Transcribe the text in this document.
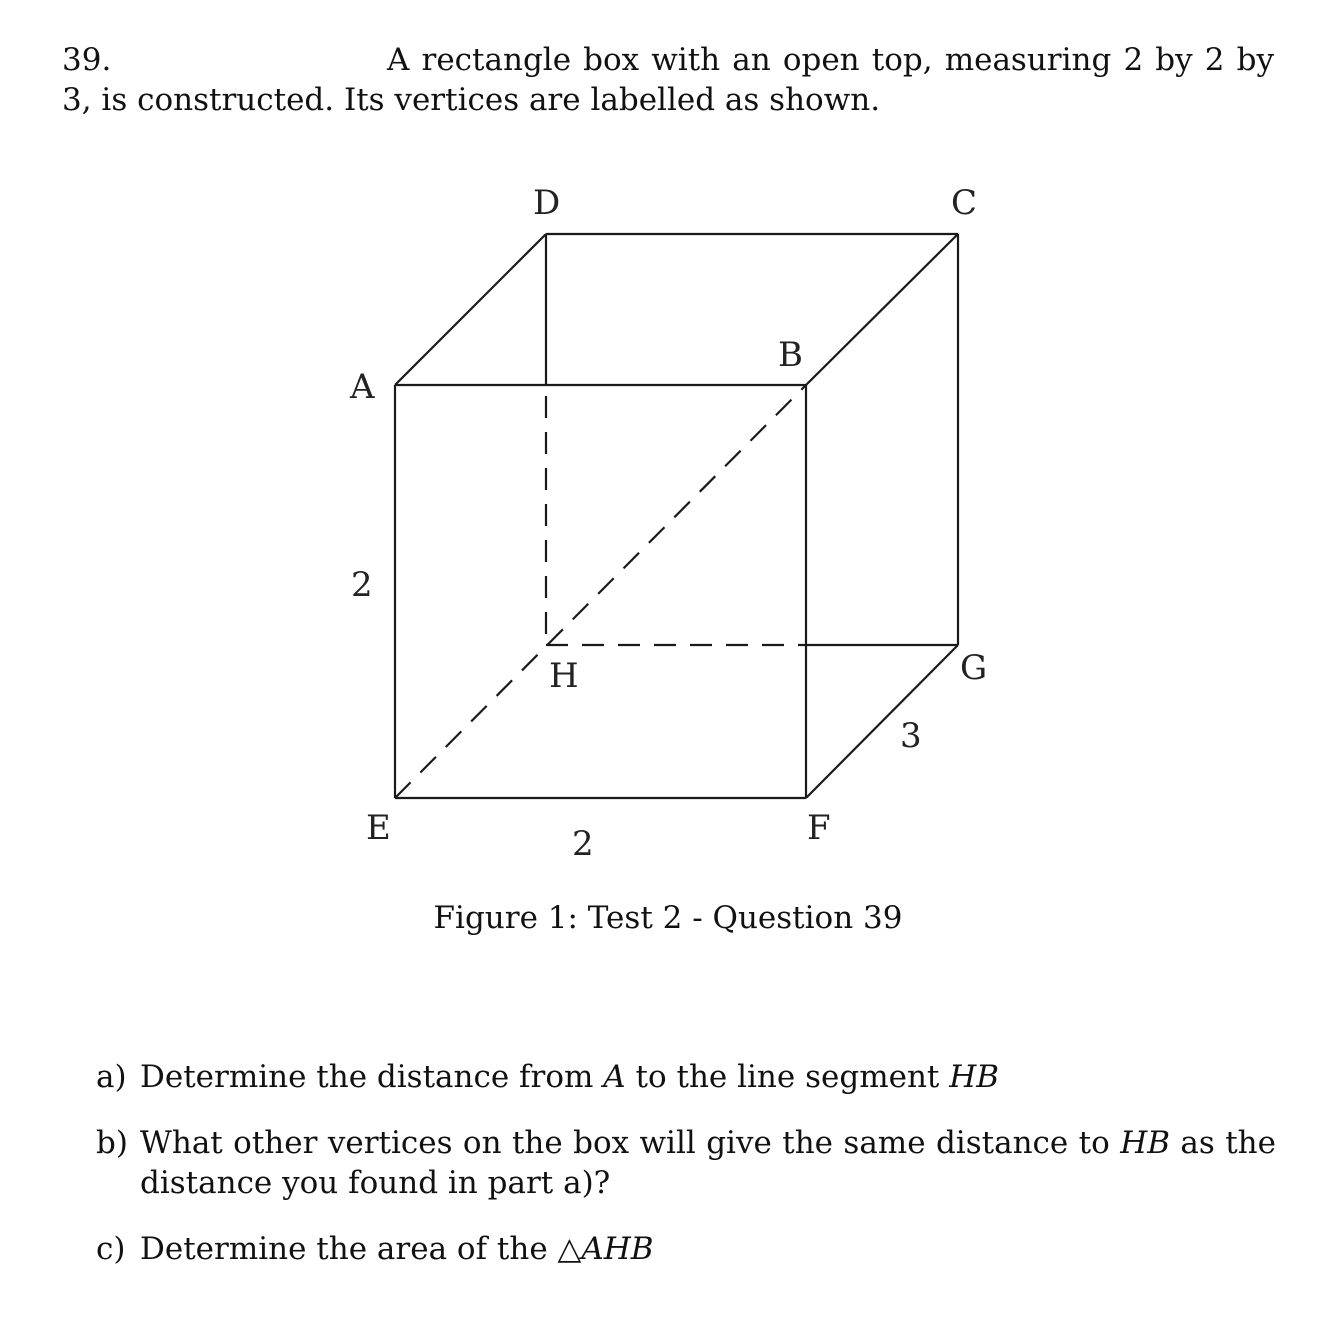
39.	A rectangle box with an open top, measuring 2 by 2 by 3, is constructed. Its vertices are labelled as shown.
A
B
C
D
E	F
G
H
2
2
3
Figure 1: Test 2 - Question 39
a) Determine the distance from A to the line segment HB
b) What other vertices on the box will give the same distance to HB as the distance you found in part a)?
c) Determine the area of the △AHB
